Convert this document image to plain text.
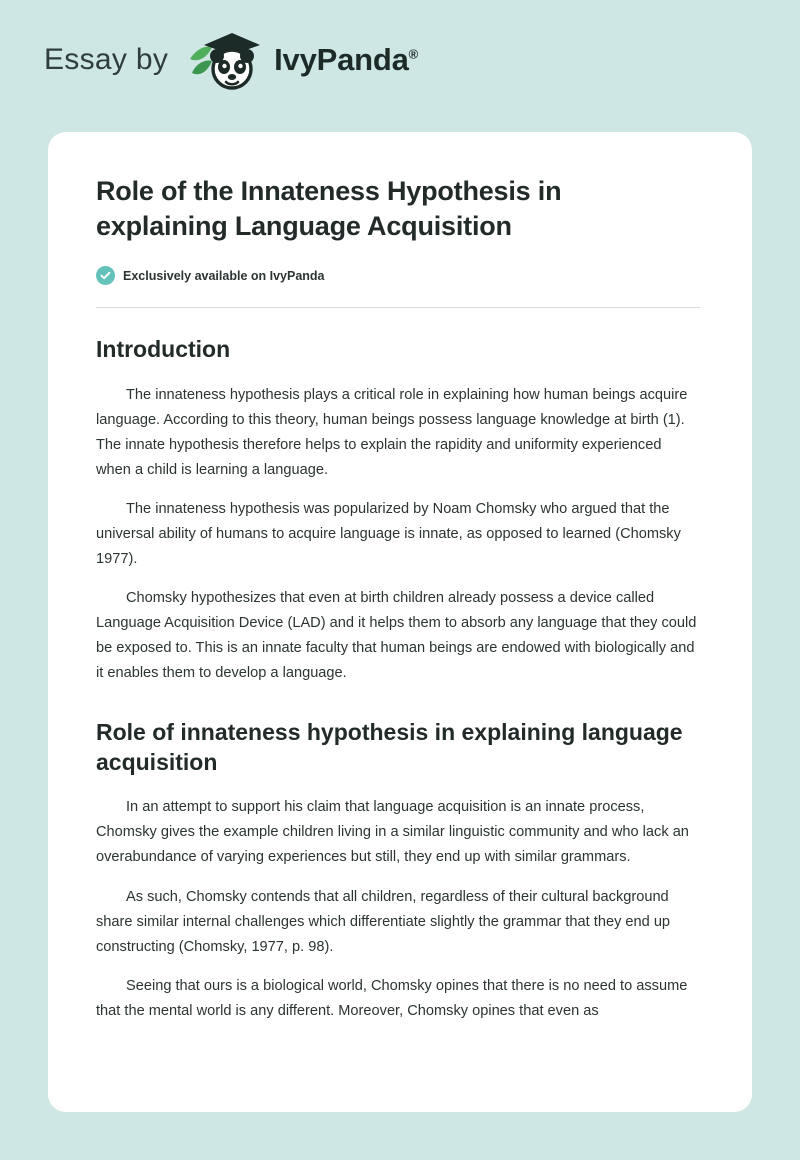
Essay by	IvyPanda®
Role of the Innateness Hypothesis in explaining Language Acquisition
Exclusively available on IvyPanda
Introduction

The innateness hypothesis plays a critical role in explaining how human beings acquire language. According to this theory, human beings possess language knowledge at birth (1). The innate hypothesis therefore helps to explain the rapidity and uniformity experienced when a child is learning a language.

The innateness hypothesis was popularized by Noam Chomsky who argued that the universal ability of humans to acquire language is innate, as opposed to learned (Chomsky 1977).

Chomsky hypothesizes that even at birth children already possess a device called Language Acquisition Device (LAD) and it helps them to absorb any language that they could be exposed to. This is an innate faculty that human beings are endowed with biologically and it enables them to develop a language.

Role of innateness hypothesis in explaining language acquisition

In an attempt to support his claim that language acquisition is an innate process, Chomsky gives the example children living in a similar linguistic community and who lack an overabundance of varying experiences but still, they end up with similar grammars.

As such, Chomsky contends that all children, regardless of their cultural background share similar internal challenges which differentiate slightly the grammar that they end up constructing (Chomsky, 1977, p. 98).

Seeing that ours is a biological world, Chomsky opines that there is no need to assume that the mental world is any different. Moreover, Chomsky opines that even as
